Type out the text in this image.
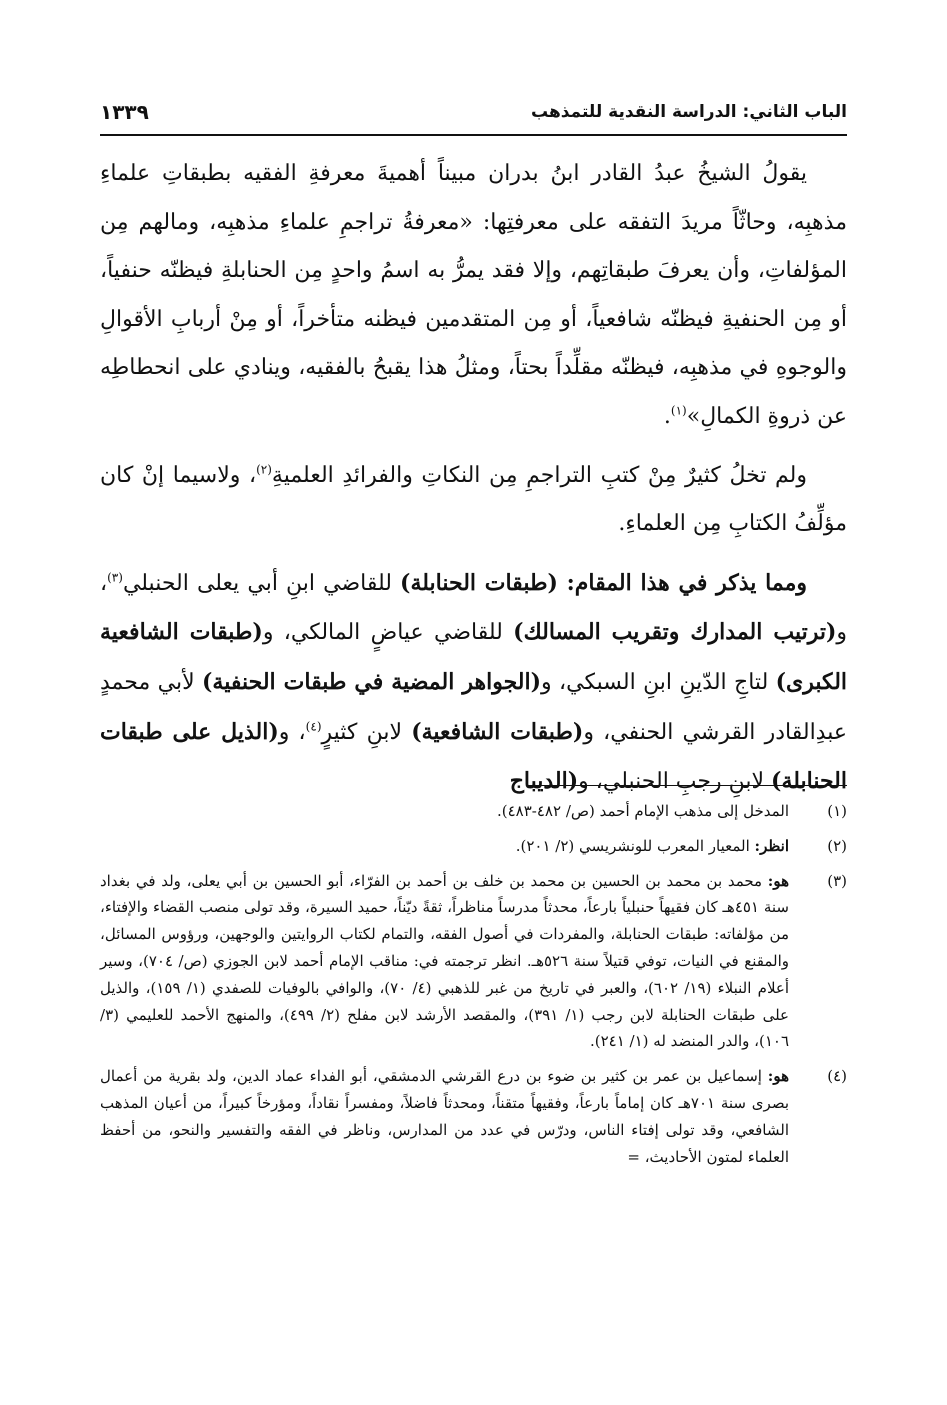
الباب الثاني: الدراسة النقدية للتمذهب
١٣٣٩

يقولُ الشيخُ عبدُ القادر ابنُ بدران مبيناً أهميةَ معرفةِ الفقيه بطبقاتِ علماءِ مذهبِه، وحاثّاً مريدَ التفقه على معرفتِها: «معرفةُ تراجمِ علماءِ مذهبِه، ومالهم مِن المؤلفاتِ، وأن يعرفَ طبقاتِهم، وإلا فقد يمرُّ به اسمُ واحدٍ مِن الحنابلةِ فيظنّه حنفياً، أو مِن الحنفيةِ فيظنّه شافعياً، أو مِن المتقدمين فيظنه متأخراً، أو مِنْ أربابِ الأقوالِ والوجوهِ في مذهبِه، فيظنّه مقلِّداً بحتاً، ومثلُ هذا يقبحُ بالفقيه، وينادي على انحطاطِه عن ذروةِ الكمالِ»$^{(١)}$.

ولم تخلُ كثيرٌ مِنْ كتبِ التراجمِ مِن النكاتِ والفرائدِ العلميةِ$^{(٢)}$، ولاسيما إنْ كان مؤلِّفُ الكتابِ مِن العلماءِ.

ومما يذكر في هذا المقام: (طبقات الحنابلة) للقاضي ابنِ أبي يعلى الحنبلي$^{(٣)}$، و(ترتيب المدارك وتقريب المسالك) للقاضي عياضٍ المالكي، و(طبقات الشافعية الكبرى) لتاجِ الدّينِ ابنِ السبكي، و(الجواهر المضية في طبقات الحنفية) لأبي محمدٍ عبدِالقادر القرشي الحنفي، و(طبقات الشافعية) لابنِ كثيرٍ$^{(٤)}$، و(الذيل على طبقات الحنابلة) لابنِ رجبِ الحنبلي، و(الديباج

(١)
المدخل إلى مذهب الإمام أحمد (ص/ ٤٨٢-٤٨٣).
(٢)
انظر: المعيار المعرب للونشريسي (٢/ ٢٠١).
(٣)
هو: محمد بن محمد بن الحسين بن محمد بن خلف بن أحمد بن الفرّاء، أبو الحسين بن أبي يعلى، ولد في بغداد سنة ٤٥١هـ كان فقيهاً حنبلياً بارعاً، محدثاً مدرساً مناظراً، ثقةً ديّناً، حميد السيرة، وقد تولى منصب القضاء والإفتاء، من مؤلفاته: طبقات الحنابلة، والمفردات في أصول الفقه، والتمام لكتاب الروايتين والوجهين، ورؤوس المسائل، والمقنع في النيات، توفي قتيلاً سنة ٥٢٦هـ. انظر ترجمته في: مناقب الإمام أحمد لابن الجوزي (ص/ ٧٠٤)، وسير أعلام النبلاء (١٩/ ٦٠٢)، والعبر في تاريخ من غبر للذهبي (٤/ ٧٠)، والوافي بالوفيات للصفدي (١/ ١٥٩)، والذيل على طبقات الحنابلة لابن رجب (١/ ٣٩١)، والمقصد الأرشد لابن مفلح (٢/ ٤٩٩)، والمنهج الأحمد للعليمي (٣/ ١٠٦)، والدر المنضد له (١/ ٢٤١).
(٤)
هو: إسماعيل بن عمر بن كثير بن ضوء بن درع القرشي الدمشقي، أبو الفداء عماد الدين، ولد بقرية من أعمال بصرى سنة ٧٠١هـ كان إماماً بارعاً، وفقيهاً متقناً، ومحدثاً فاضلاً، ومفسراً نقاداً، ومؤرخاً كبيراً، من أعيان المذهب الشافعي، وقد تولى إفتاء الناس، ودرّس في عدد من المدارس، وناظر في الفقه والتفسير والنحو، من أحفظ العلماء لمتون الأحاديث، =
